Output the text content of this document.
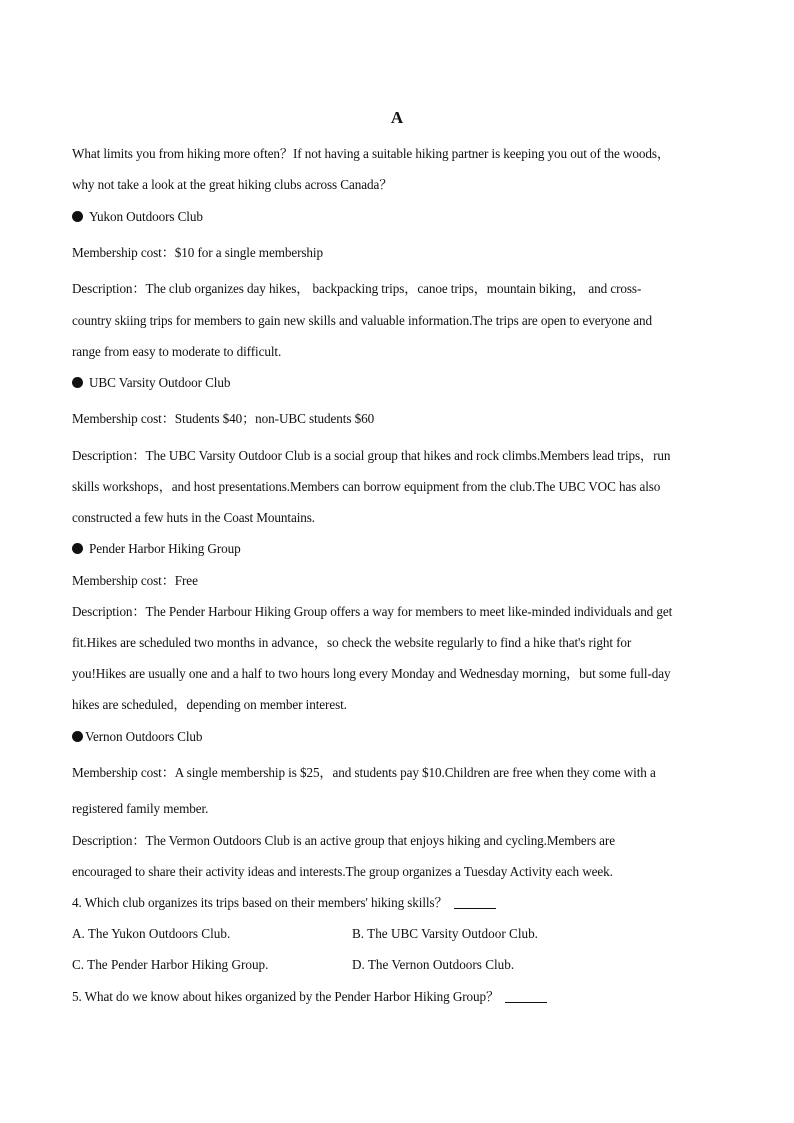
A
What limits you from hiking more often？If not having a suitable hiking partner is keeping you out of the woods，
why not take a look at the great hiking clubs across Canada？
Yukon Outdoors Club
Membership cost：$10 for a single membership
Description：The club organizes day hikes， backpacking trips，canoe trips，mountain biking， and cross-
country skiing trips for members to gain new skills and valuable information.The trips are open to everyone and
range from easy to moderate to difficult.
UBC Varsity Outdoor Club
Membership cost：Students $40；non-UBC students $60
Description：The UBC Varsity Outdoor Club is a social group that hikes and rock climbs.Members lead trips，run
skills workshops，and host presentations.Members can borrow equipment from the club.The UBC VOC has also
constructed a few huts in the Coast Mountains.
Pender Harbor Hiking Group
Membership cost：Free
Description：The Pender Harbour Hiking Group offers a way for members to meet like-minded individuals and get
fit.Hikes are scheduled two months in advance，so check the website regularly to find a hike that's right for
you!Hikes are usually one and a half to two hours long every Monday and Wednesday morning，but some full-day
hikes are scheduled，depending on member interest.
Vernon Outdoors Club
Membership cost：A single membership is $25，and students pay $10.Children are free when they come with a
registered family member.
Description：The Vermon Outdoors Club is an active group that enjoys hiking and cycling.Members are
encouraged to share their activity ideas and interests.The group organizes a Tuesday Activity each week.
4. Which club organizes its trips based on their members' hiking skills？
A. The Yukon Outdoors Club.	B. The UBC Varsity Outdoor Club.
C. The Pender Harbor Hiking Group.	D. The Vernon Outdoors Club.
5. What do we know about hikes organized by the Pender Harbor Hiking Group？
